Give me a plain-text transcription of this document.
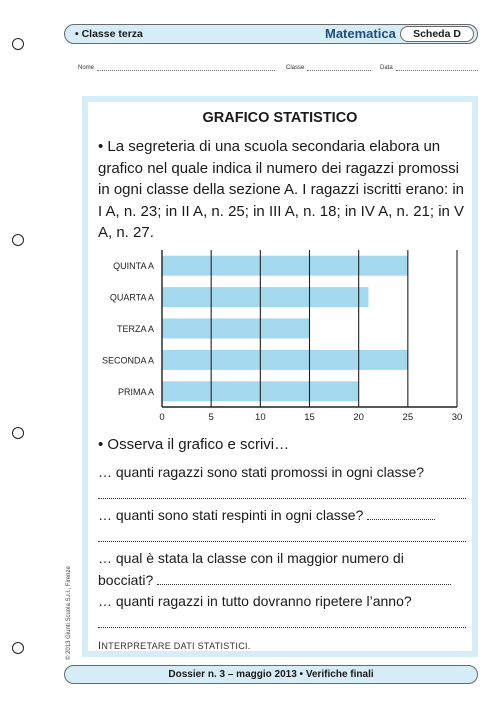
• Classe terza	Matematica	Scheda D
Nome	Classe	Data
GRAFICO STATISTICO

• La segreteria di una scuola secondaria elabora un grafico nel quale indica il numero dei ragazzi promossi in ogni classe della sezione A. I ragazzi iscritti erano: in I A, n. 23; in II A, n. 25; in III A, n. 18; in IV A, n. 21; in V A, n. 27.

QUINTA A
QUARTA A
TERZA A
SECONDA A
PRIMA A
0	5	10	15	20	25	30

• Osserva il grafico e scrivi…

… quanti ragazzi sono stati promossi in ogni classe?
… quanti sono stati respinti in ogni classe?
… qual è stata la classe con il maggior numero di
bocciati?
… quanti ragazzi in tutto dovranno ripetere l’anno?
INTERPRETARE DATI STATISTICI.
© 2013 Giunti Scuola S.r.l., Firenze
Dossier n. 3 – maggio 2013 • Verifiche finali
